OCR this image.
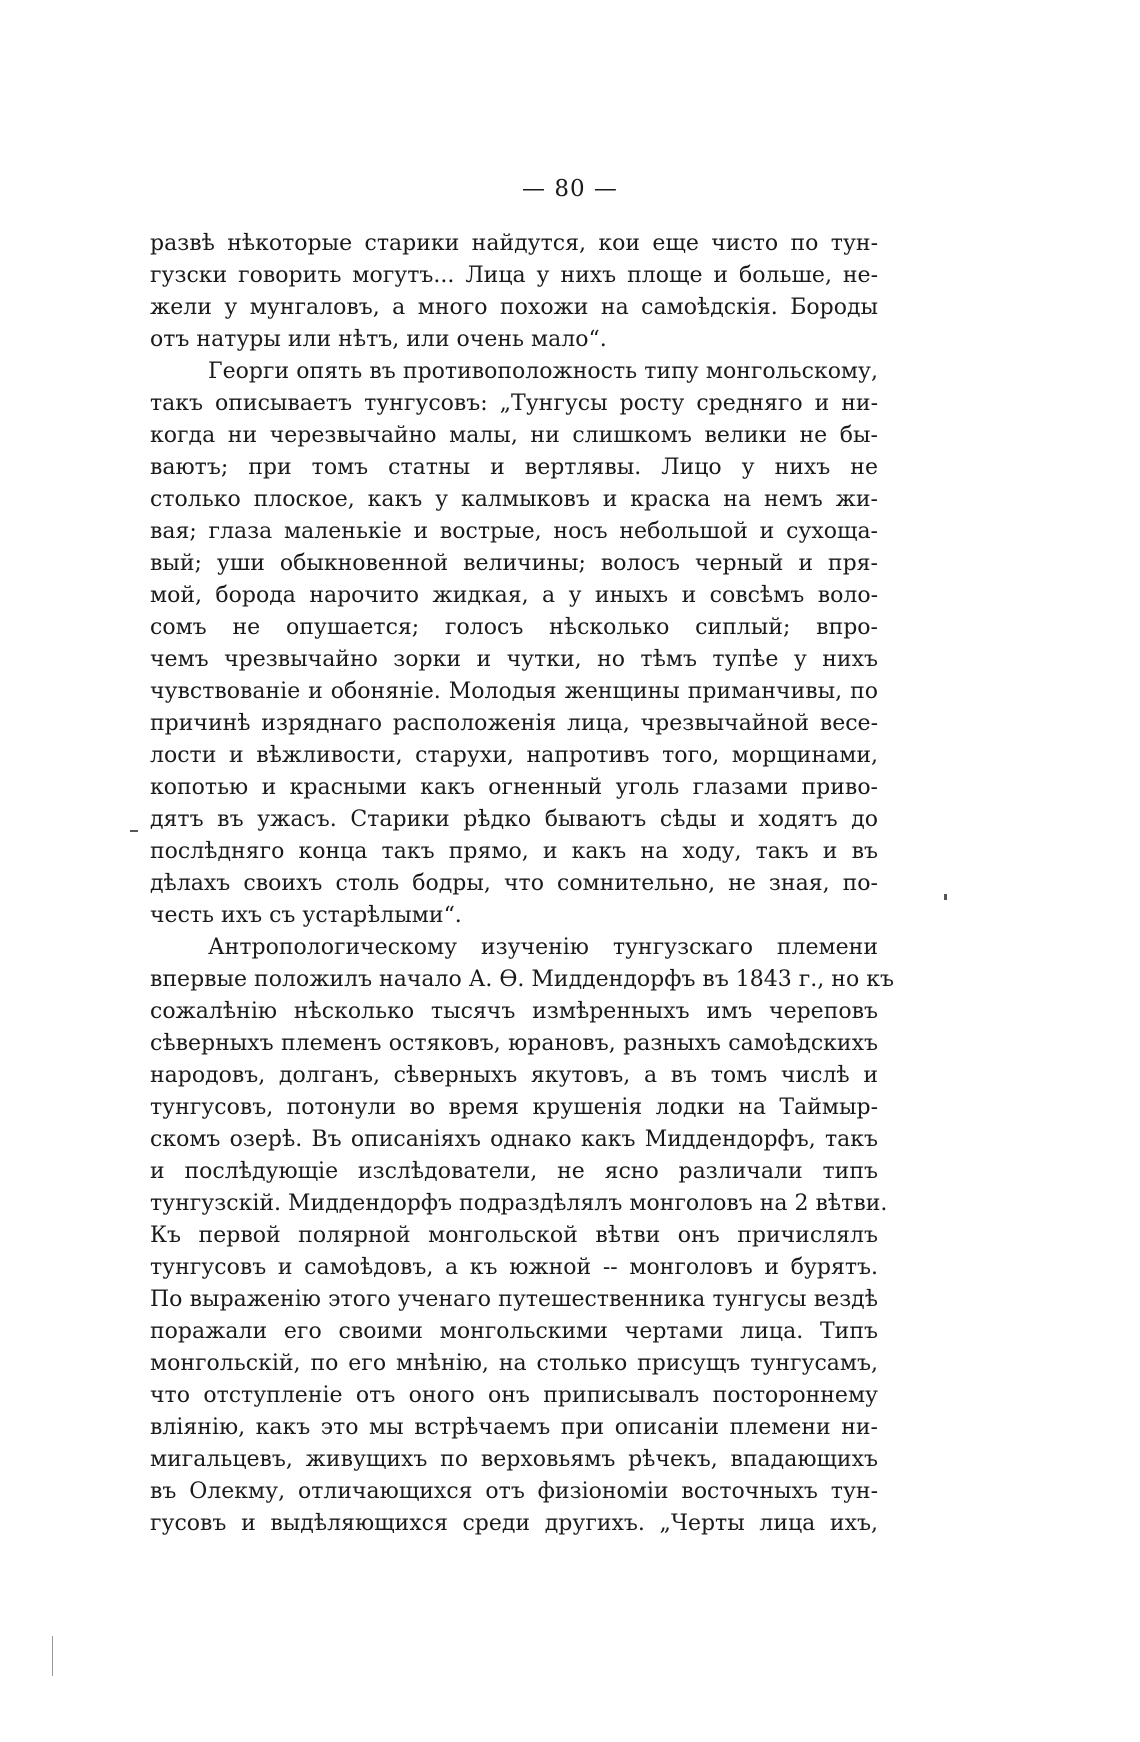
— 80 —
развѣ нѣкоторые старики найдутся, кои еще чисто по тун-
гузски говорить могутъ... Лица у нихъ площе и больше, не-
жели у мунгаловъ, а много похожи на самоѣдскія. Бороды
отъ натуры или нѣтъ, или очень мало“.
Георги опять въ противоположность типу монгольскому,
такъ описываетъ тунгусовъ: „Тунгусы росту средняго и ни-
когда ни черезвычайно малы, ни слишкомъ велики не бы-
ваютъ; при томъ статны и вертлявы. Лицо у нихъ не
столько плоское, какъ у калмыковъ и краска на немъ жи-
вая; глаза маленькіе и вострые, носъ небольшой и сухоща-
вый; уши обыкновенной величины; волосъ черный и пря-
мой, борода нарочито жидкая, а у иныхъ и совсѣмъ воло-
сомъ не опушается; голосъ нѣсколько сиплый; впро-
чемъ чрезвычайно зорки и чутки, но тѣмъ тупѣе у нихъ
чувствованіе и обоняніе. Молодыя женщины приманчивы, по
причинѣ изряднаго расположенія лица, чрезвычайной весе-
лости и вѣжливости, старухи, напротивъ того, морщинами,
копотью и красными какъ огненный уголь глазами приво-
дятъ въ ужасъ. Старики рѣдко бываютъ сѣды и ходятъ до
послѣдняго конца такъ прямо, и какъ на ходу, такъ и въ
дѣлахъ своихъ столь бодры, что сомнительно, не зная, по-
честь ихъ съ устарѣлыми“.
Антропологическому изученію тунгузскаго племени
впервые положилъ начало А. Ѳ. Миддендорфъ въ 1843 г., но къ
сожалѣнію нѣсколько тысячъ измѣренныхъ имъ череповъ
сѣверныхъ племенъ остяковъ, юрановъ, разныхъ самоѣдскихъ
народовъ, долганъ, сѣверныхъ якутовъ, а въ томъ числѣ и
тунгусовъ, потонули во время крушенія лодки на Таймыр-
скомъ озерѣ. Въ описаніяхъ однако какъ Миддендорфъ, такъ
и послѣдующіе изслѣдователи, не ясно различали типъ
тунгузскій. Миддендорфъ подраздѣлялъ монголовъ на 2 вѣтви.
Къ первой полярной монгольской вѣтви онъ причислялъ
тунгусовъ и самоѣдовъ, а къ южной -- монголовъ и бурятъ.
По выраженію этого ученаго путешественника тунгусы вездѣ
поражали его своими монгольскими чертами лица. Типъ
монгольскій, по его мнѣнію, на столько присущъ тунгусамъ,
что отступленіе отъ оного онъ приписывалъ постороннему
вліянію, какъ это мы встрѣчаемъ при описаніи племени ни-
мигальцевъ, живущихъ по верховьямъ рѣчекъ, впадающихъ
въ Олекму, отличающихся отъ физіономіи восточныхъ тун-
гусовъ и выдѣляющихся среди другихъ. „Черты лица ихъ,
